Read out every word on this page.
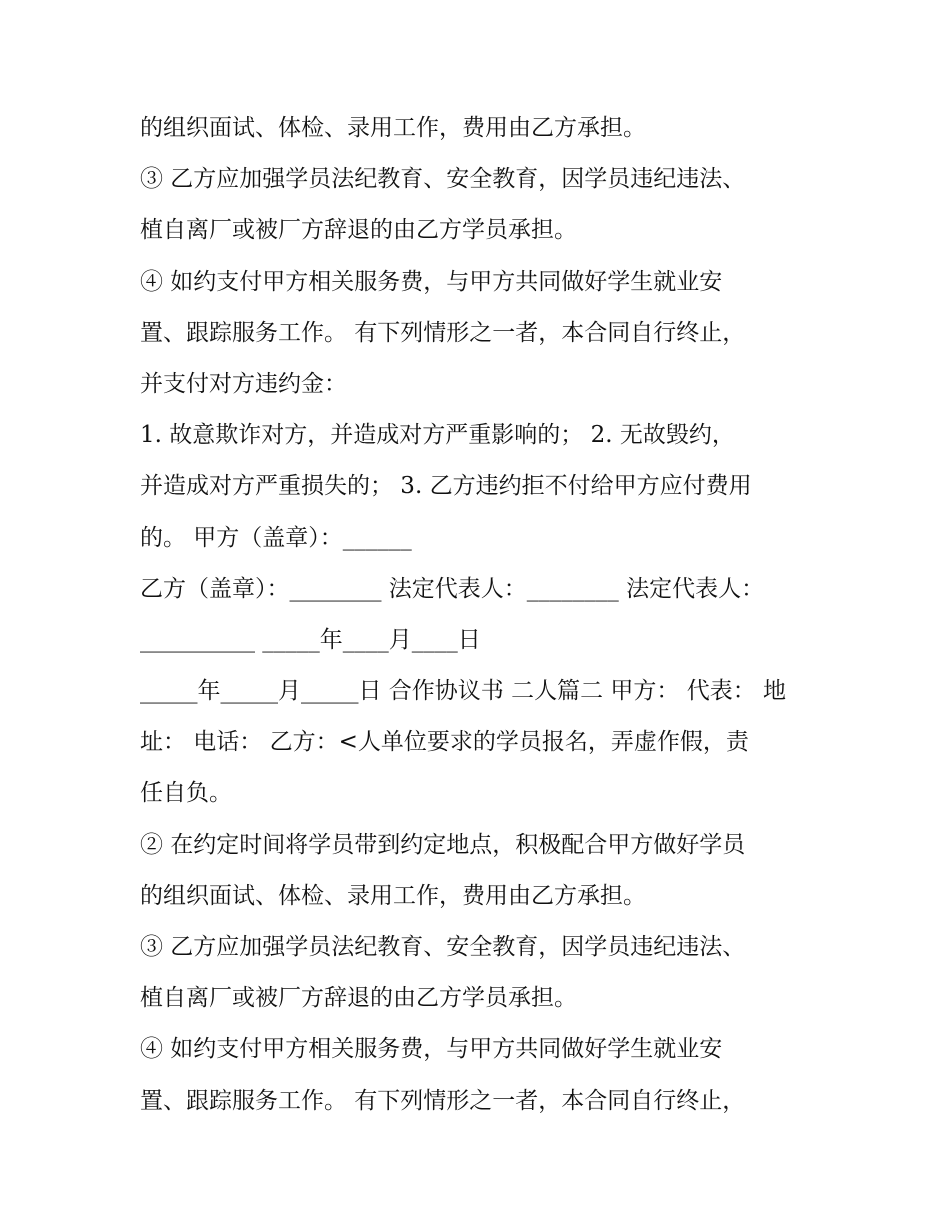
的组织面试、体检、录用工作，费用由乙方承担。
③ 乙方应加强学员法纪教育、安全教育，因学员违纪违法、
植自离厂或被厂方辞退的由乙方学员承担。
④ 如约支付甲方相关服务费，与甲方共同做好学生就业安
置、跟踪服务工作。 有下列情形之一者，本合同自行终止，
并支付对方违约金：
1. 故意欺诈对方，并造成对方严重影响的； 2. 无故毁约，
并造成对方严重损失的； 3. 乙方违约拒不付给甲方应付费用
的。 甲方（盖章）：______
乙方（盖章）：________ 法定代表人：________ 法定代表人：
__________ _____年____月____日
_____年_____月_____日 合作协议书 二人篇二 甲方： 代表： 地
址： 电话： 乙方：<人单位要求的学员报名，弄虚作假，责
任自负。
② 在约定时间将学员带到约定地点，积极配合甲方做好学员
的组织面试、体检、录用工作，费用由乙方承担。
③ 乙方应加强学员法纪教育、安全教育，因学员违纪违法、
植自离厂或被厂方辞退的由乙方学员承担。
④ 如约支付甲方相关服务费，与甲方共同做好学生就业安
置、跟踪服务工作。 有下列情形之一者，本合同自行终止，
